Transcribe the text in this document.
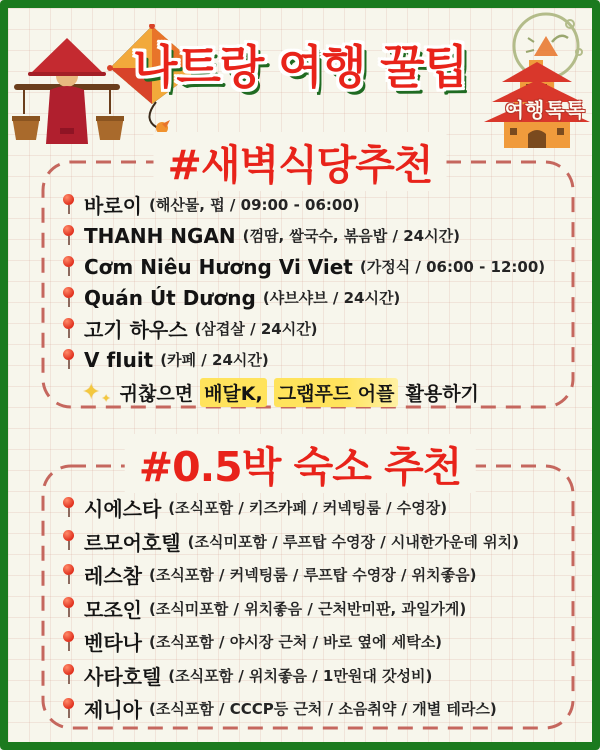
나트랑 여행 꿀팁
여행톡톡
#새벽식당추천
바로이 (해산물, 펍 / 09:00 - 06:00)
THANH NGAN (껌땀, 쌀국수, 볶음밥 / 24시간)
Cơm Niêu Hương Vi Viet (가정식 / 06:00 - 12:00)
Quán Út Dương (샤브샤브 / 24시간)
고기 하우스 (삼겹살 / 24시간)
V fIuit (카페 / 24시간)
✦ ✦ 귀찮으면 배달K, 그랩푸드 어플 활용하기
#0.5박 숙소 추천
시에스타 (조식포함 / 키즈카페 / 커넥팅룸 / 수영장)
르모어호텔 (조식미포함 / 루프탑 수영장 / 시내한가운데 위치)
레스참 (조식포함 / 커넥팅룸 / 루프탑 수영장 / 위치좋음)
모조인 (조식미포함 / 위치좋음 / 근처반미판, 과일가게)
벤타나 (조식포함 / 야시장 근처 / 바로 옆에 세탁소)
사타호텔 (조식포함 / 위치좋음 / 1만원대 갓성비)
제니아 (조식포함 / CCCP등 근처 / 소음취약 / 개별 테라스)
